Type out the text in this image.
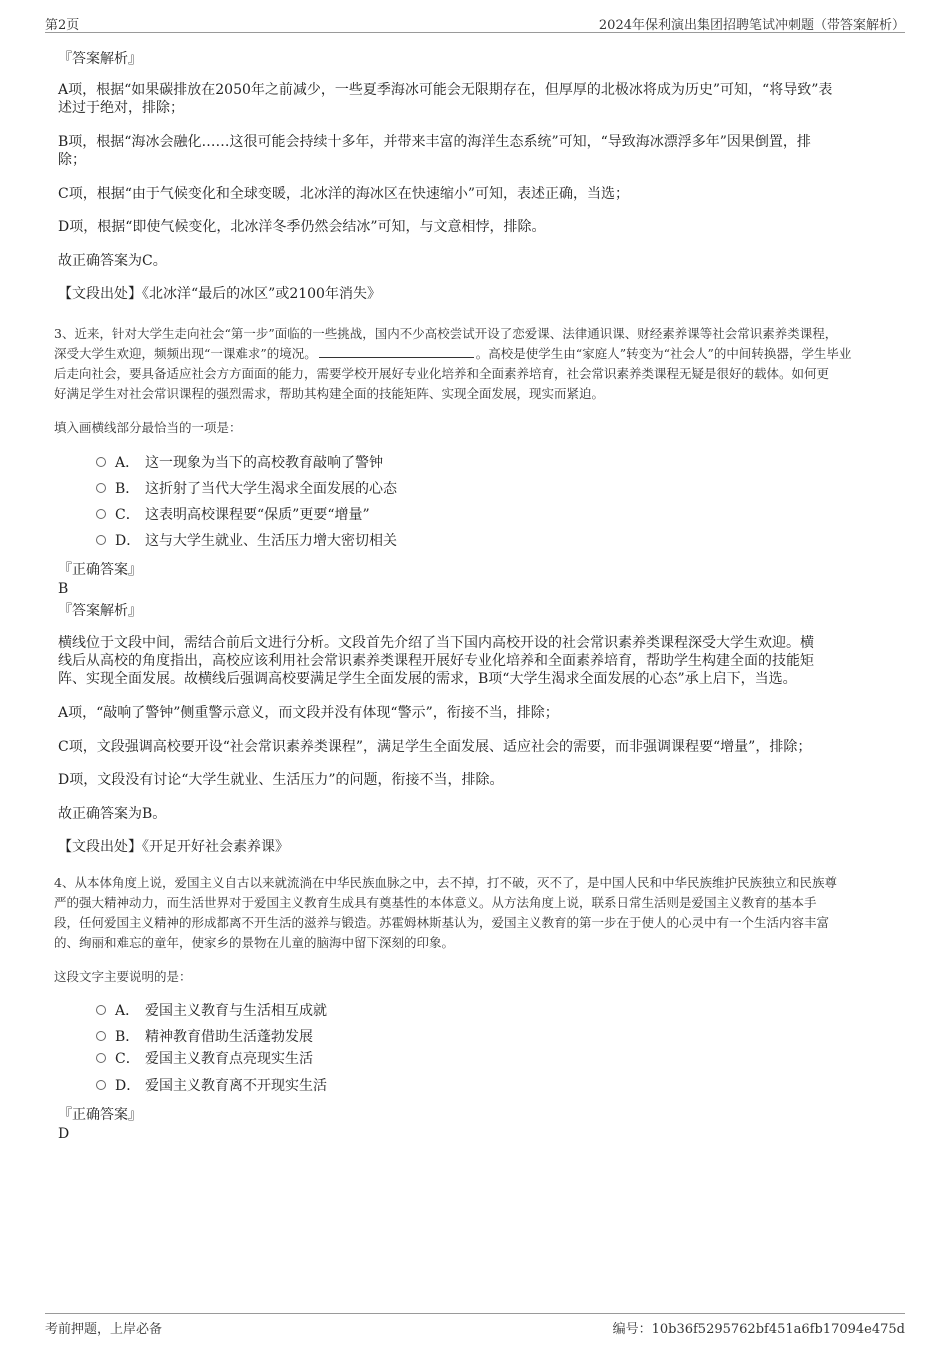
第2页	2024年保利演出集团招聘笔试冲刺题（带答案解析）
『答案解析』
A项，根据“如果碳排放在2050年之前减少，一些夏季海冰可能会无限期存在，但厚厚的北极冰将成为历史”可知，“将导致”表
述过于绝对，排除；
B项，根据“海冰会融化……这很可能会持续十多年，并带来丰富的海洋生态系统”可知，“导致海冰漂浮多年”因果倒置，排
除；
C项，根据“由于气候变化和全球变暖，北冰洋的海冰区在快速缩小”可知，表述正确，当选；
D项，根据“即使气候变化，北冰洋冬季仍然会结冰”可知，与文意相悖，排除。
故正确答案为C。
【文段出处】《北冰洋“最后的冰区”或2100年消失》
3、近来，针对大学生走向社会“第一步”面临的一些挑战，国内不少高校尝试开设了恋爱课、法律通识课、财经素养课等社会常识素养类课程，
深受大学生欢迎，频频出现“一课难求”的境况。	。高校是使学生由“家庭人”转变为“社会人”的中间转换器，学生毕业
后走向社会，要具备适应社会方方面面的能力，需要学校开展好专业化培养和全面素养培育，社会常识素养类课程无疑是很好的载体。如何更
好满足学生对社会常识课程的强烈需求，帮助其构建全面的技能矩阵、实现全面发展，现实而紧迫。
填入画横线部分最恰当的一项是：
A． 这一现象为当下的高校教育敲响了警钟
B． 这折射了当代大学生渴求全面发展的心态
C． 这表明高校课程要“保质”更要“增量”
D． 这与大学生就业、生活压力增大密切相关
『正确答案』
B
『答案解析』
横线位于文段中间，需结合前后文进行分析。文段首先介绍了当下国内高校开设的社会常识素养类课程深受大学生欢迎。横
线后从高校的角度指出，高校应该利用社会常识素养类课程开展好专业化培养和全面素养培育，帮助学生构建全面的技能矩
阵、实现全面发展。故横线后强调高校要满足学生全面发展的需求，B项“大学生渴求全面发展的心态”承上启下，当选。
A项，“敲响了警钟”侧重警示意义，而文段并没有体现“警示”，衔接不当，排除；
C项，文段强调高校要开设“社会常识素养类课程”，满足学生全面发展、适应社会的需要，而非强调课程要“增量”，排除；
D项，文段没有讨论“大学生就业、生活压力”的问题，衔接不当，排除。
故正确答案为B。
【文段出处】《开足开好社会素养课》
4、从本体角度上说，爱国主义自古以来就流淌在中华民族血脉之中，去不掉，打不破，灭不了，是中国人民和中华民族维护民族独立和民族尊
严的强大精神动力，而生活世界对于爱国主义教育生成具有奠基性的本体意义。从方法角度上说，联系日常生活则是爱国主义教育的基本手
段，任何爱国主义精神的形成都离不开生活的滋养与锻造。苏霍姆林斯基认为，爱国主义教育的第一步在于使人的心灵中有一个生活内容丰富
的、绚丽和难忘的童年，使家乡的景物在儿童的脑海中留下深刻的印象。
这段文字主要说明的是：
A． 爱国主义教育与生活相互成就
B． 精神教育借助生活蓬勃发展
C． 爱国主义教育点亮现实生活
D． 爱国主义教育离不开现实生活
『正确答案』
D
考前押题，上岸必备	编号：10b36f5295762bf451a6fb17094e475d
